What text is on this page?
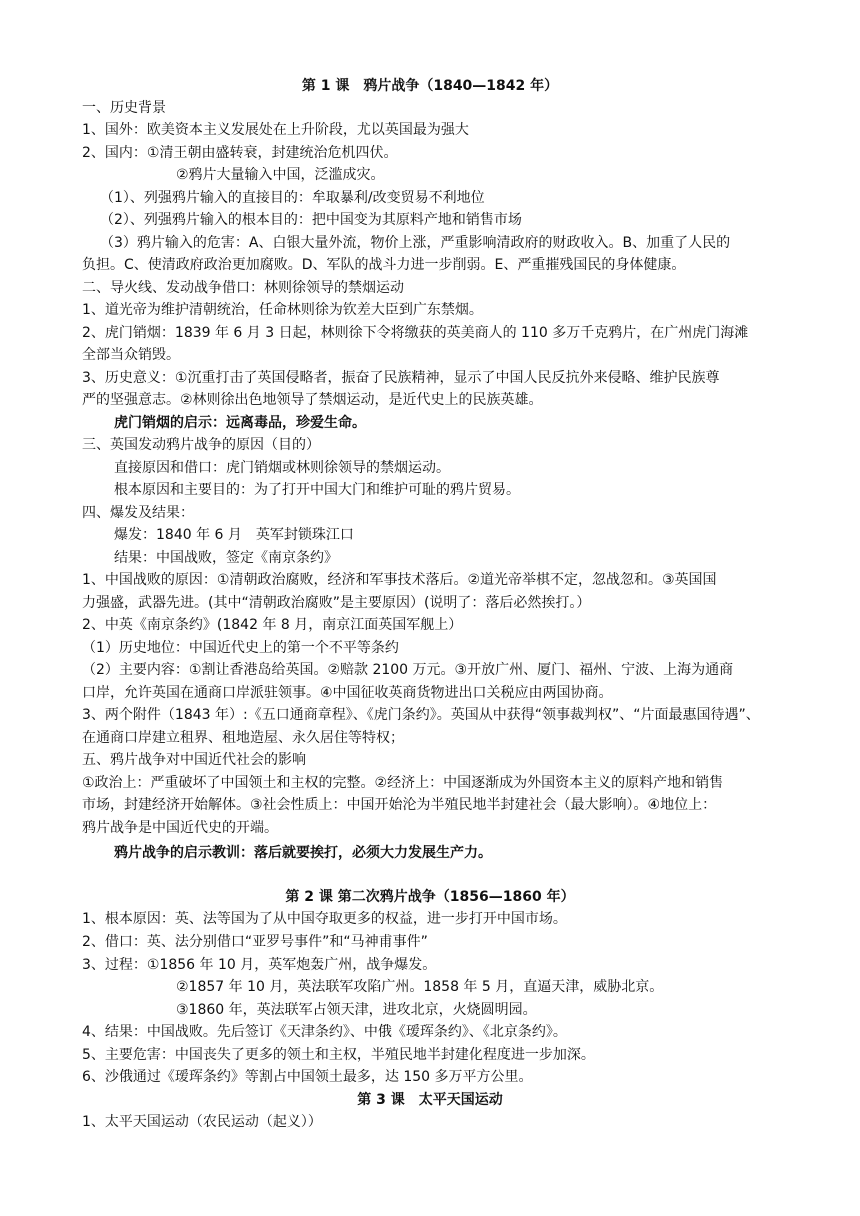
第 1 课　鸦片战争（1840—1842 年）
一、历史背景
1、国外：欧美资本主义发展处在上升阶段，尤以英国最为强大
2、国内：①清王朝由盛转衰，封建统治危机四伏。
②鸦片大量输入中国，泛滥成灾。
（1）、列强鸦片输入的直接目的：牟取暴利/改变贸易不利地位
（2）、列强鸦片输入的根本目的：把中国变为其原料产地和销售市场
（3）鸦片输入的危害：A、白银大量外流，物价上涨，严重影响清政府的财政收入。B、加重了人民的
负担。C、使清政府政治更加腐败。D、军队的战斗力进一步削弱。E、严重摧残国民的身体健康。
二、导火线、发动战争借口：林则徐领导的禁烟运动
1、道光帝为维护清朝统治，任命林则徐为钦差大臣到广东禁烟。
2、虎门销烟：1839 年 6 月 3 日起，林则徐下令将缴获的英美商人的 110 多万千克鸦片，在广州虎门海滩
全部当众销毁。
3、历史意义：①沉重打击了英国侵略者，振奋了民族精神，显示了中国人民反抗外来侵略、维护民族尊
严的坚强意志。②林则徐出色地领导了禁烟运动，是近代史上的民族英雄。
虎门销烟的启示：远离毒品，珍爱生命。
三、英国发动鸦片战争的原因（目的）
直接原因和借口：虎门销烟或林则徐领导的禁烟运动。
根本原因和主要目的：为了打开中国大门和维护可耻的鸦片贸易。
四、爆发及结果：
爆发：1840 年 6 月　英军封锁珠江口
结果：中国战败，签定《南京条约》
1、中国战败的原因：①清朝政治腐败，经济和军事技术落后。②道光帝举棋不定，忽战忽和。③英国国
力强盛，武器先进。(其中“清朝政治腐败”是主要原因）(说明了：落后必然挨打。）
2、中英《南京条约》(1842 年 8 月，南京江面英国军舰上）
（1）历史地位：中国近代史上的第一个不平等条约
（2）主要内容：①割让香港岛给英国。②赔款 2100 万元。③开放广州、厦门、福州、宁波、上海为通商
口岸，允许英国在通商口岸派驻领事。④中国征收英商货物进出口关税应由两国协商。
3、两个附件（1843 年）:《五口通商章程》、《虎门条约》。英国从中获得“领事裁判权”、“片面最惠国待遇”、
在通商口岸建立租界、租地造屋、永久居住等特权；
五、鸦片战争对中国近代社会的影响
①政治上：严重破坏了中国领土和主权的完整。②经济上：中国逐渐成为外国资本主义的原料产地和销售
市场，封建经济开始解体。③社会性质上：中国开始沦为半殖民地半封建社会（最大影响）。④地位上：
鸦片战争是中国近代史的开端。
鸦片战争的启示教训：落后就要挨打，必须大力发展生产力。
第 2 课 第二次鸦片战争（1856—1860 年）
1、根本原因：英、法等国为了从中国夺取更多的权益，进一步打开中国市场。
2、借口：英、法分别借口“亚罗号事件”和“马神甫事件”
3、过程：①1856 年 10 月，英军炮轰广州，战争爆发。
②1857 年 10 月，英法联军攻陷广州。1858 年 5 月，直逼天津，威胁北京。
③1860 年，英法联军占领天津，进攻北京，火烧圆明园。
4、结果：中国战败。先后签订《天津条约》、中俄《瑷珲条约》、《北京条约》。
5、主要危害：中国丧失了更多的领土和主权，半殖民地半封建化程度进一步加深。
6、沙俄通过《瑷珲条约》等割占中国领土最多，达 150 多万平方公里。
第 3 课　太平天国运动
1、太平天国运动（农民运动（起义））
